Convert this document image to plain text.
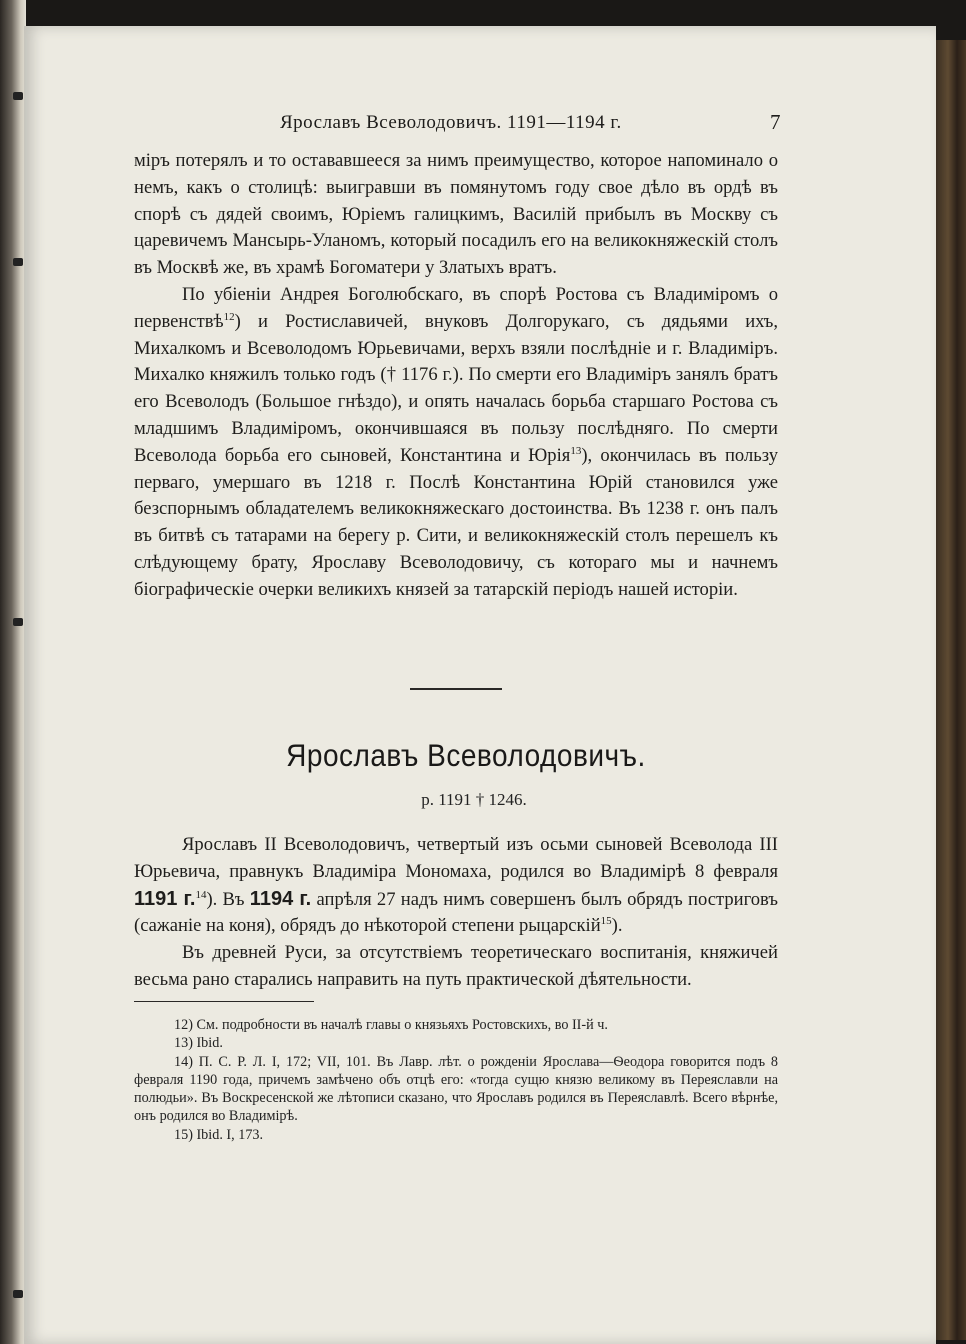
Ярославъ Всеволодовичъ. 1191—1194 г.	7

міръ потерялъ и то остававшееся за нимъ преимущество, которое напоминало о немъ, какъ о столицѣ: выигравши въ помянутомъ году свое дѣло въ ордѣ въ спорѣ съ дядей своимъ, Юріемъ галицкимъ, Василій прибылъ въ Москву съ царевичемъ Мансырь-Уланомъ, который посадилъ его на великокняжескій столъ въ Москвѣ же, въ храмѣ Богоматери у Златыхъ вратъ.

По убіеніи Андрея Боголюбскаго, въ спорѣ Ростова съ Владиміромъ о первенствѣ$^{12}$) и Ростиславичей, внуковъ Долгорукаго, съ дядьями ихъ, Михалкомъ и Всеволодомъ Юрьевичами, верхъ взяли послѣдніе и г. Владиміръ. Михалко княжилъ только годъ († 1176 г.). По смерти его Владиміръ занялъ братъ его Всеволодъ (Большое гнѣздо), и опять началась борьба старшаго Ростова съ младшимъ Владиміромъ, окончившаяся въ пользу послѣдняго. По смерти Всеволода борьба его сыновей, Константина и Юрія$^{13}$), окончилась въ пользу перваго, умершаго въ 1218 г. Послѣ Константина Юрій становился уже безспорнымъ обладателемъ великокняжескаго достоинства. Въ 1238 г. онъ палъ въ битвѣ съ татарами на берегу р. Сити, и великокняжескій столъ перешелъ къ слѣдующему брату, Ярославу Всеволодовичу, съ котораго мы и начнемъ біографическіе очерки великихъ князей за татарскій періодъ нашей исторіи.

Ярославъ Всеволодовичъ.
р. 1191 † 1246.

Ярославъ II Всеволодовичъ, четвертый изъ осьми сыновей Всеволода III Юрьевича, правнукъ Владиміра Мономаха, родился во Владимірѣ 8 февраля 1191 г.$^{14}$). Въ 1194 г. апрѣля 27 надъ нимъ совершенъ былъ обрядъ постриговъ (сажаніе на коня), обрядъ до нѣкоторой степени рыцарскій$^{15}$).

Въ древней Руси, за отсутствіемъ теоретическаго воспитанія, княжичей весьма рано старались направить на путь практической дѣятельности.

12) См. подробности въ началѣ главы о князьяхъ Ростовскихъ, во II-й ч.

13) Ibid.

14) П. С. Р. Л. I, 172; VII, 101. Въ Лавр. лѣт. о рожденіи Ярослава—Ѳеодора говорится подъ 8 февраля 1190 года, причемъ замѣчено объ отцѣ его: «тогда сущю князю великому въ Переяславли на полюдьи». Въ Воскресенской же лѣтописи сказано, что Ярославъ родился въ Переяславлѣ. Всего вѣрнѣе, онъ родился во Владимірѣ.

15) Ibid. I, 173.
